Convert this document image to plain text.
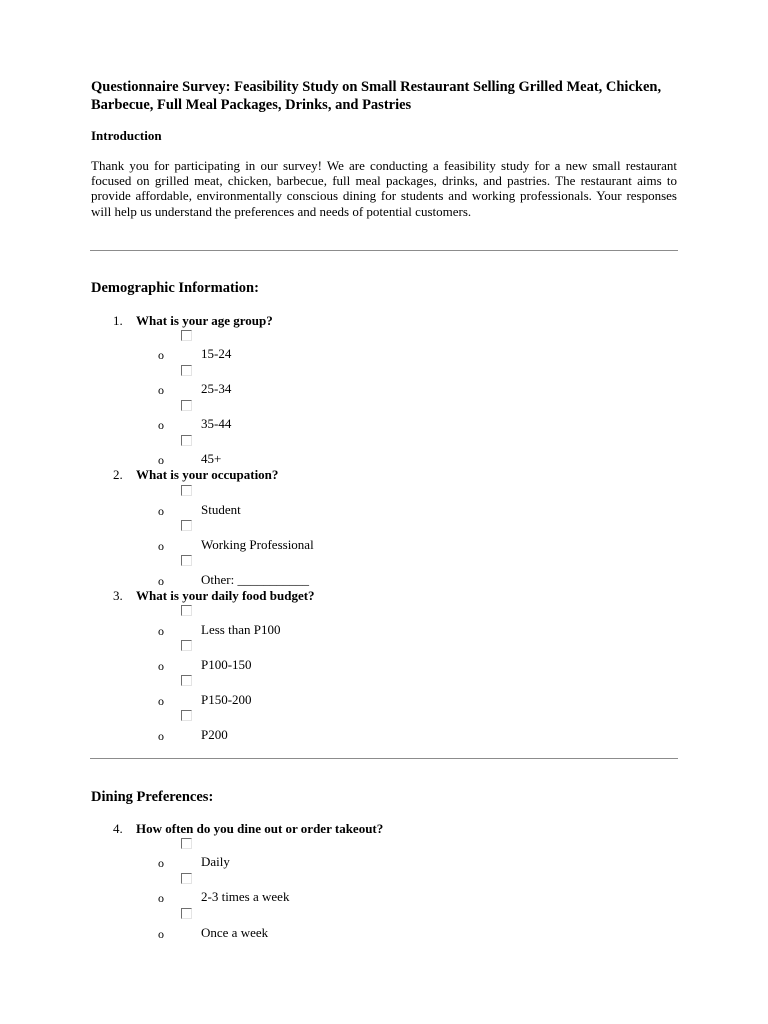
Questionnaire Survey: Feasibility Study on Small Restaurant Selling Grilled Meat, Chicken, Barbecue, Full Meal Packages, Drinks, and Pastries
Introduction

Thank you for participating in our survey! We are conducting a feasibility study for a new small restaurant focused on grilled meat, chicken, barbecue, full meal packages, drinks, and pastries. The restaurant aims to provide affordable, environmentally conscious dining for students and working professionals. Your responses will help us understand the preferences and needs of potential customers.

Demographic Information:
1. What is your age group?
o	15-24
o	25-34
o	35-44
o	45+
2. What is your occupation?
o	Student
o	Working Professional
o	Other: ___________
3. What is your daily food budget?
o	Less than P100
o	P100-150
o	P150-200
o	P200
Dining Preferences:
4. How often do you dine out or order takeout?
o	Daily
o	2-3 times a week
o	Once a week
